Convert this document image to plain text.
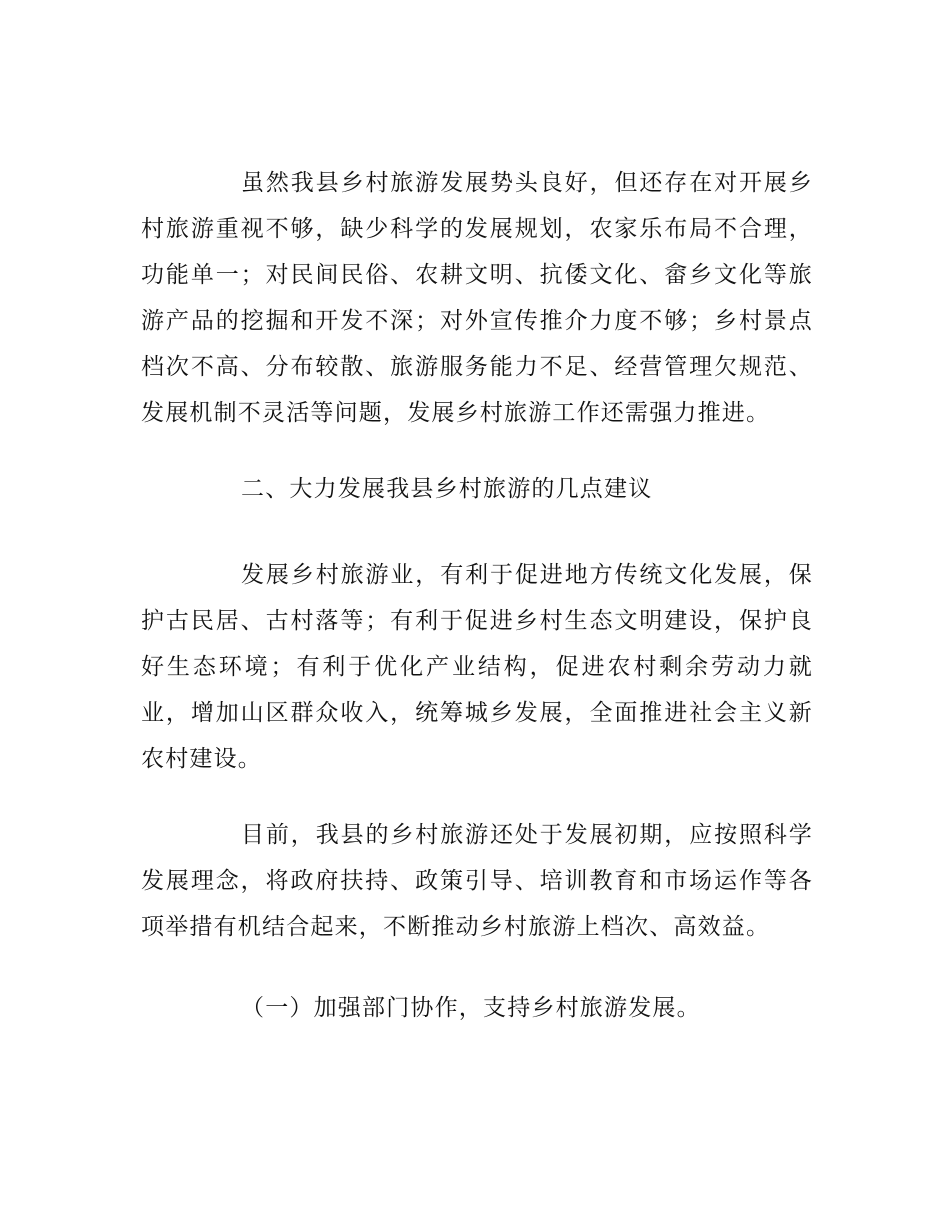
虽然我县乡村旅游发展势头良好，但还存在对开展乡村旅游重视不够，缺少科学的发展规划，农家乐布局不合理，功能单一；对民间民俗、农耕文明、抗倭文化、畲乡文化等旅游产品的挖掘和开发不深；对外宣传推介力度不够；乡村景点档次不高、分布较散、旅游服务能力不足、经营管理欠规范、发展机制不灵活等问题，发展乡村旅游工作还需强力推进。

二、大力发展我县乡村旅游的几点建议

发展乡村旅游业，有利于促进地方传统文化发展，保护古民居、古村落等；有利于促进乡村生态文明建设，保护良好生态环境；有利于优化产业结构，促进农村剩余劳动力就业，增加山区群众收入，统筹城乡发展，全面推进社会主义新农村建设。

目前，我县的乡村旅游还处于发展初期，应按照科学发展理念，将政府扶持、政策引导、培训教育和市场运作等各项举措有机结合起来，不断推动乡村旅游上档次、高效益。

（一）加强部门协作，支持乡村旅游发展。
